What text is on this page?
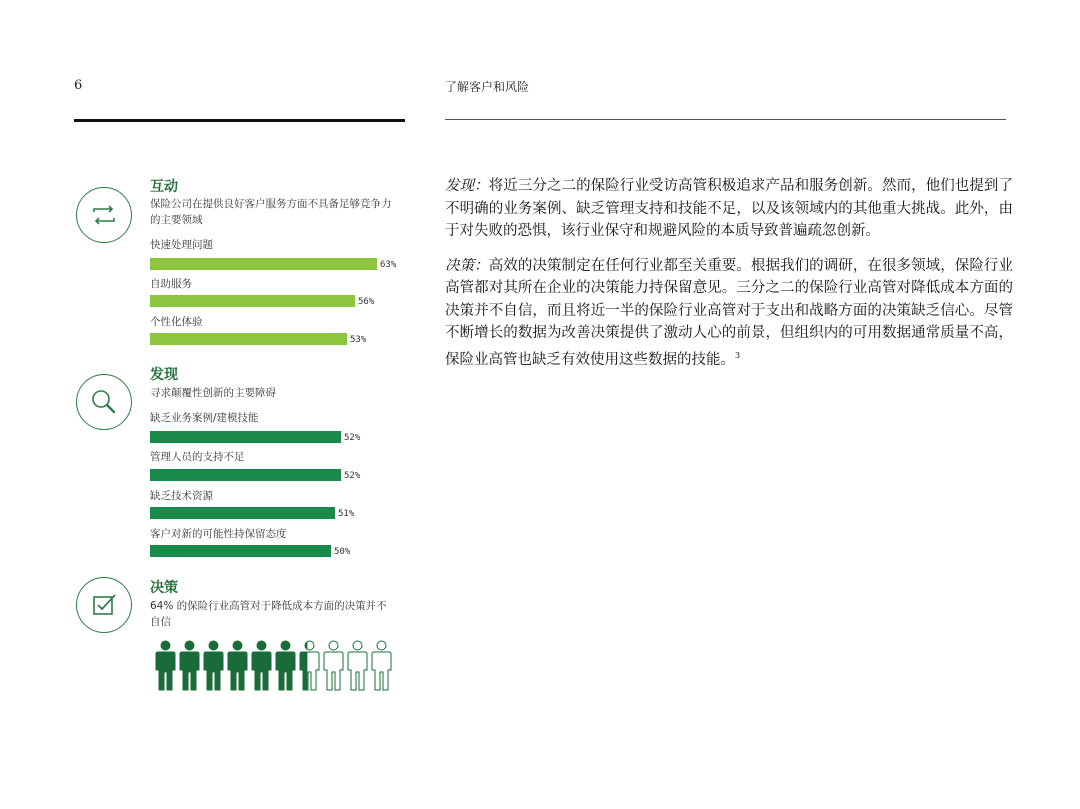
6	了解客户和风险
互动
保险公司在提供良好客户服务方面不具备足够竞争力的主要领域
快速处理问题
63%
自助服务
56%
个性化体验
53%
发现
寻求颠覆性创新的主要障碍
缺乏业务案例/建模技能
52%
管理人员的支持不足
52%
缺乏技术资源
51%
客户对新的可能性持保留态度
50%
决策
64% 的保险行业高管对于降低成本方面的决策并不自信

发现：将近三分之二的保险行业受访高管积极追求产品和服务创新。然而，他们也提到了不明确的业务案例、缺乏管理支持和技能不足，以及该领域内的其他重大挑战。此外，由于对失败的恐惧，该行业保守和规避风险的本质导致普遍疏忽创新。

决策：高效的决策制定在任何行业都至关重要。根据我们的调研，在很多领域，保险行业高管都对其所在企业的决策能力持保留意见。三分之二的保险行业高管对降低成本方面的决策并不自信，而且将近一半的保险行业高管对于支出和战略方面的决策缺乏信心。尽管不断增长的数据为改善决策提供了激动人心的前景，但组织内的可用数据通常质量不高，保险业高管也缺乏有效使用这些数据的技能。$^3$
